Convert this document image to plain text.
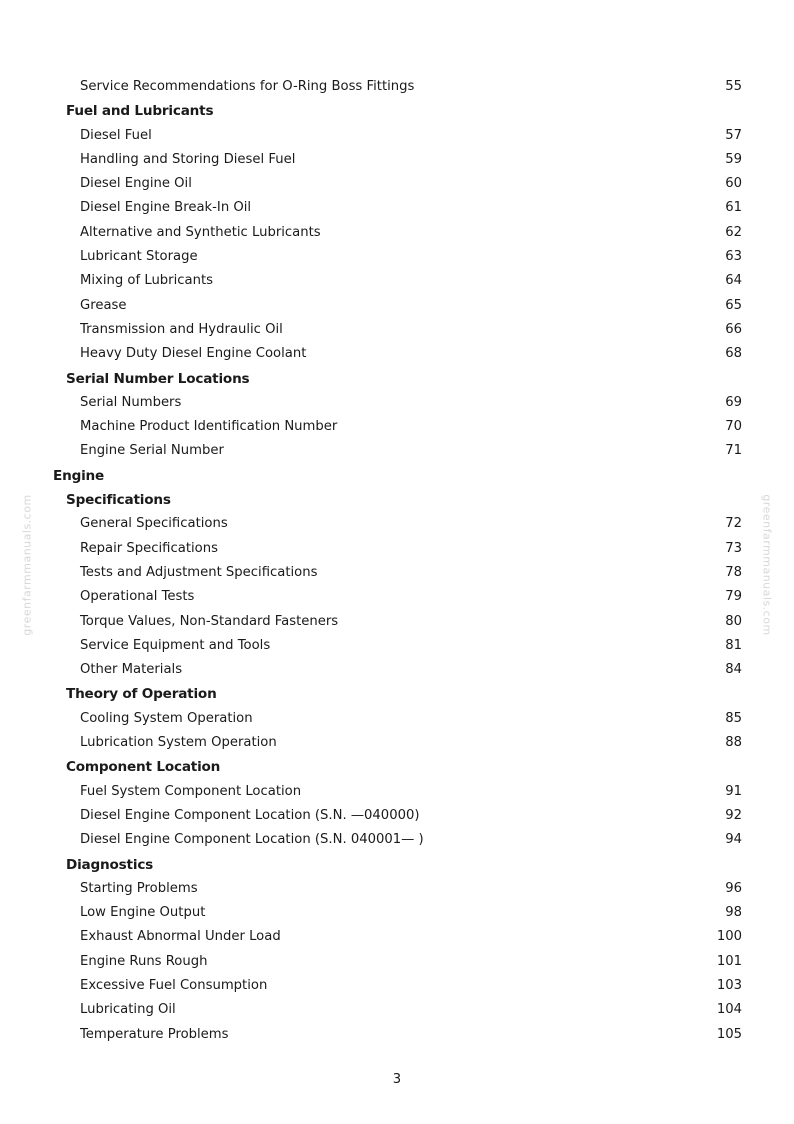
greenfarmmanuals.com	greenfarmmanuals.com
Service Recommendations for O-Ring Boss Fittings	55
Fuel and Lubricants
Diesel Fuel	57
Handling and Storing Diesel Fuel	59
Diesel Engine Oil	60
Diesel Engine Break-In Oil	61
Alternative and Synthetic Lubricants	62
Lubricant Storage	63
Mixing of Lubricants	64
Grease	65
Transmission and Hydraulic Oil	66
Heavy Duty Diesel Engine Coolant	68
Serial Number Locations
Serial Numbers	69
Machine Product Identification Number	70
Engine Serial Number	71
Engine
Specifications
General Specifications	72
Repair Specifications	73
Tests and Adjustment Specifications	78
Operational Tests	79
Torque Values, Non-Standard Fasteners	80
Service Equipment and Tools	81
Other Materials	84
Theory of Operation
Cooling System Operation	85
Lubrication System Operation	88
Component Location
Fuel System Component Location	91
Diesel Engine Component Location (S.N. —040000)	92
Diesel Engine Component Location (S.N. 040001— )	94
Diagnostics
Starting Problems	96
Low Engine Output	98
Exhaust Abnormal Under Load	100
Engine Runs Rough	101
Excessive Fuel Consumption	103
Lubricating Oil	104
Temperature Problems	105
3
